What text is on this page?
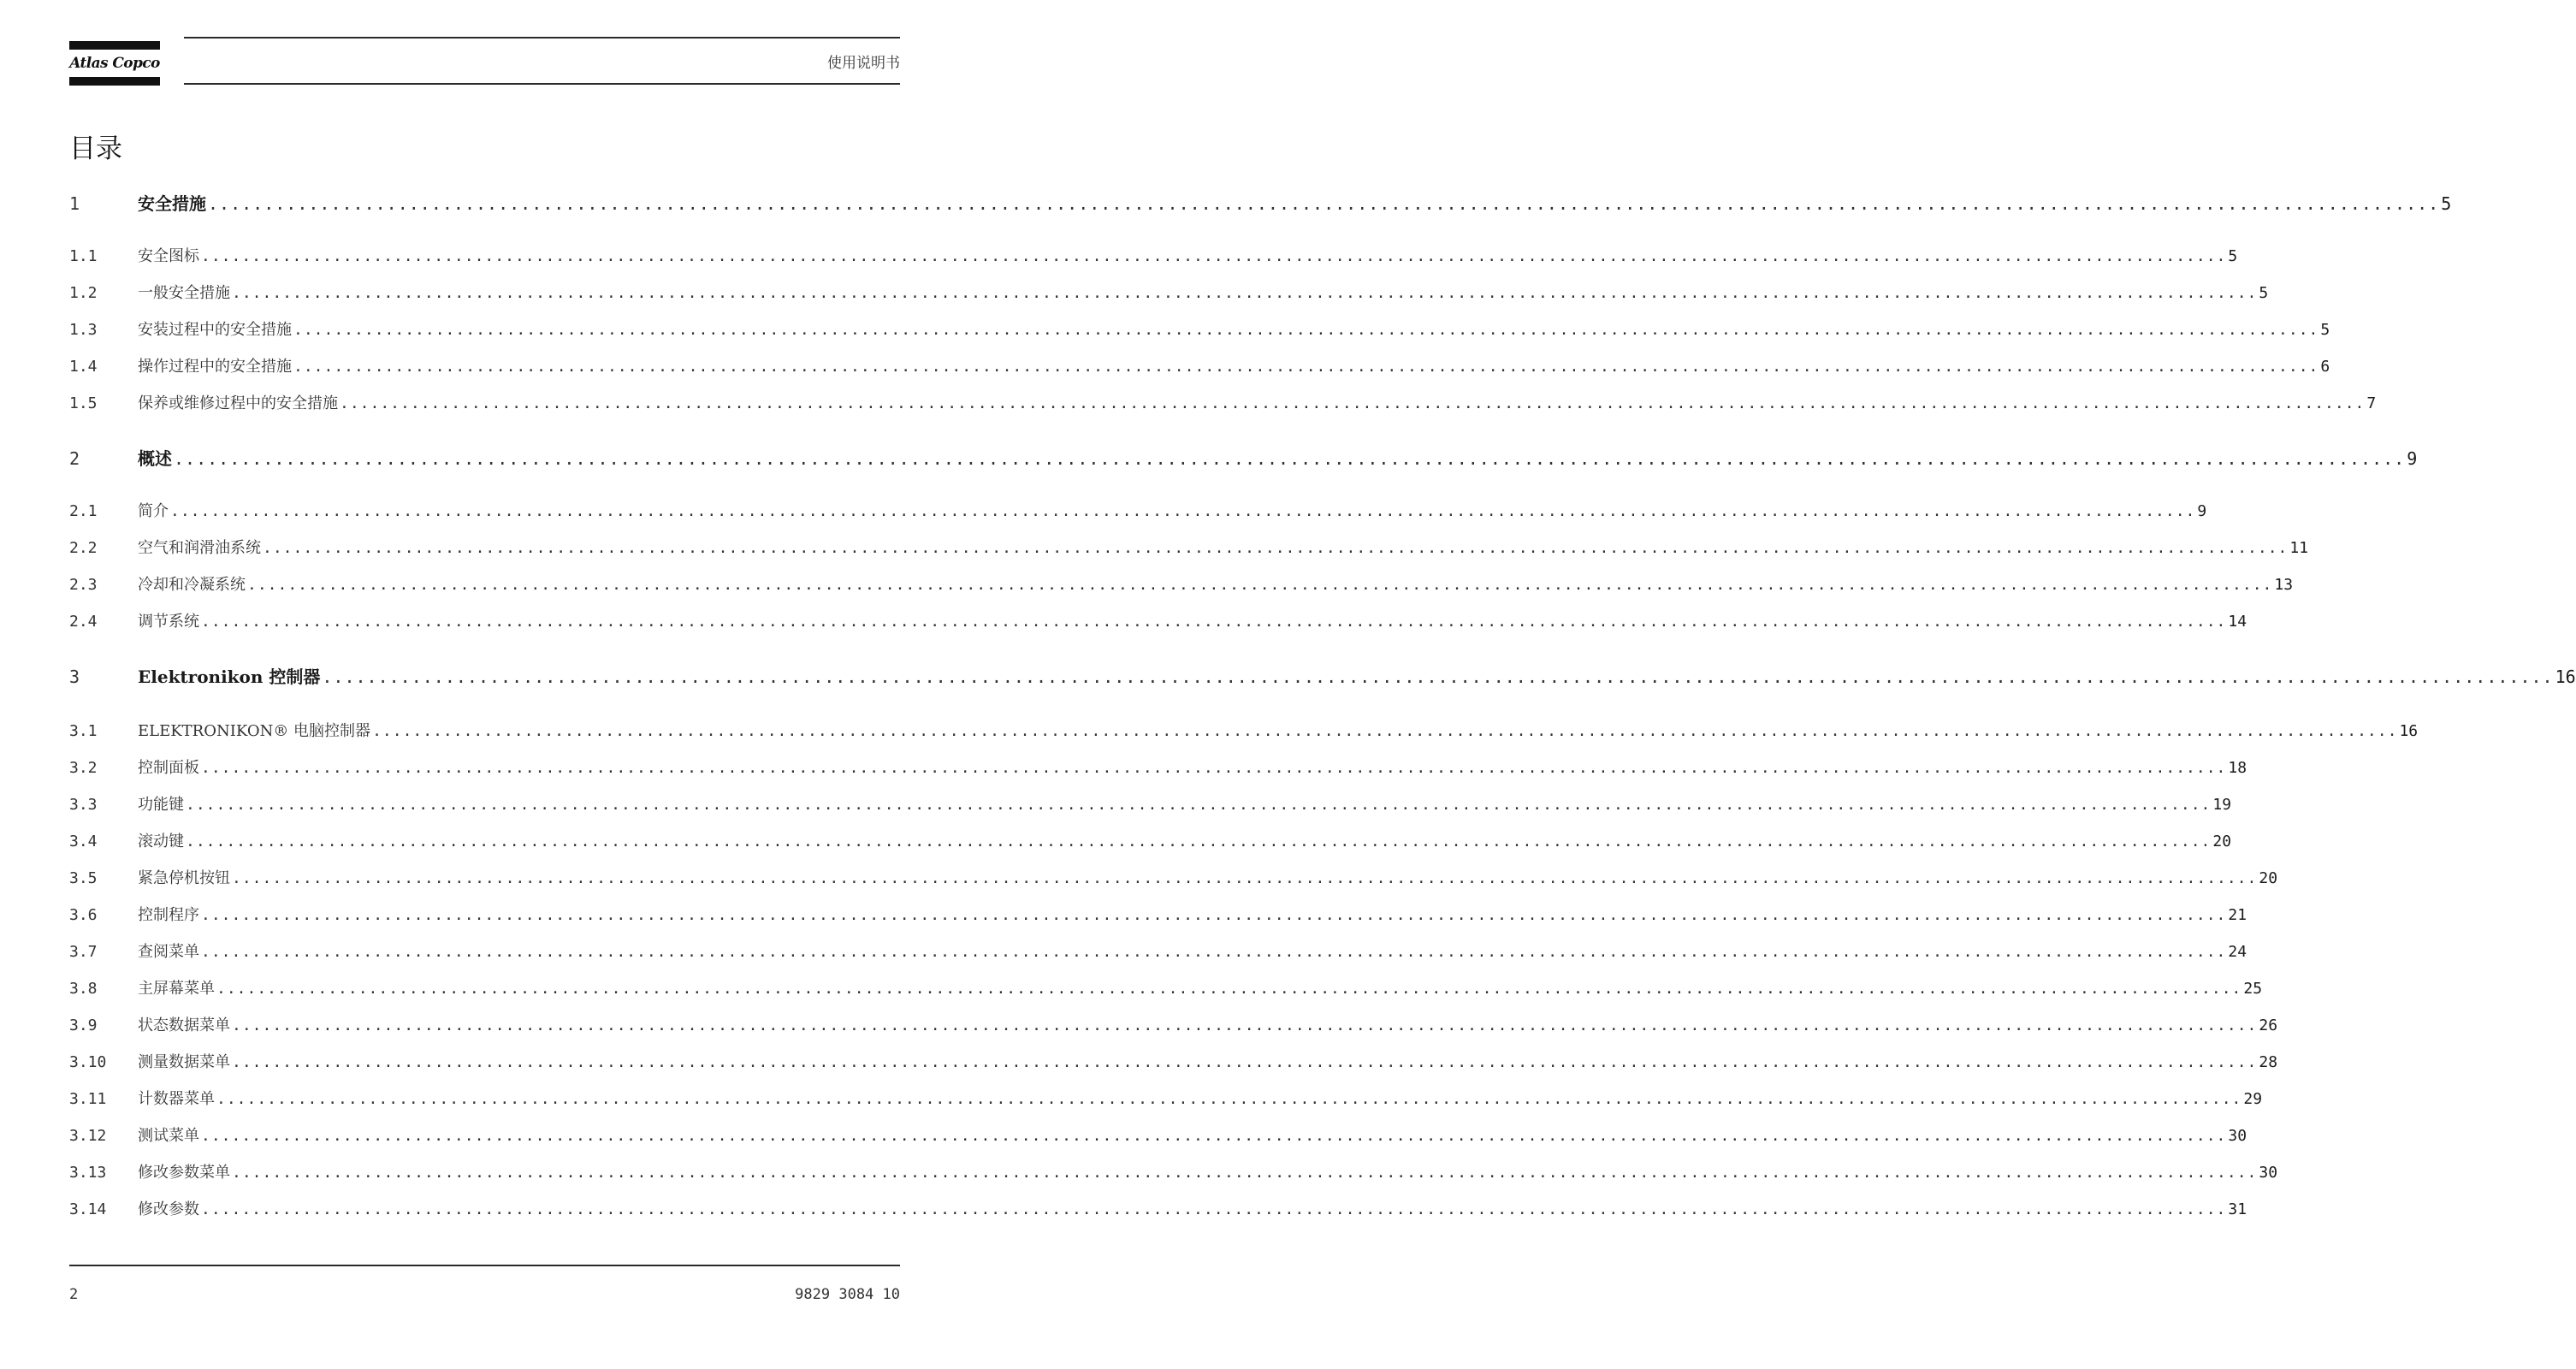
Atlas Copco	使用说明书
目录
1	安全措施 ........................................................................................................................................................................................................ 5
1.1	安全图标 ........................................................................................................................................................................................................ 5
1.2	一般安全措施 ........................................................................................................................................................................................................ 5
1.3	安装过程中的安全措施 ........................................................................................................................................................................................................ 5
1.4	操作过程中的安全措施 ........................................................................................................................................................................................................ 6
1.5	保养或维修过程中的安全措施 ........................................................................................................................................................................................................ 7
2	概述 ........................................................................................................................................................................................................ 9
2.1	简介 ........................................................................................................................................................................................................ 9
2.2	空气和润滑油系统 ........................................................................................................................................................................................................ 11
2.3	冷却和冷凝系统 ........................................................................................................................................................................................................ 13
2.4	调节系统 ........................................................................................................................................................................................................ 14
3	Elektronikon 控制器 ........................................................................................................................................................................................................ 16
3.1	ELEKTRONIKON® 电脑控制器 ........................................................................................................................................................................................................ 16
3.2	控制面板 ........................................................................................................................................................................................................ 18
3.3	功能键 ........................................................................................................................................................................................................ 19
3.4	滚动键 ........................................................................................................................................................................................................ 20
3.5	紧急停机按钮 ........................................................................................................................................................................................................ 20
3.6	控制程序 ........................................................................................................................................................................................................ 21
3.7	查阅菜单 ........................................................................................................................................................................................................ 24
3.8	主屏幕菜单 ........................................................................................................................................................................................................ 25
3.9	状态数据菜单 ........................................................................................................................................................................................................ 26
3.10	测量数据菜单 ........................................................................................................................................................................................................ 28
3.11	计数器菜单 ........................................................................................................................................................................................................ 29
3.12	测试菜单 ........................................................................................................................................................................................................ 30
3.13	修改参数菜单 ........................................................................................................................................................................................................ 30
3.14	修改参数 ........................................................................................................................................................................................................ 31
2	9829 3084 10
